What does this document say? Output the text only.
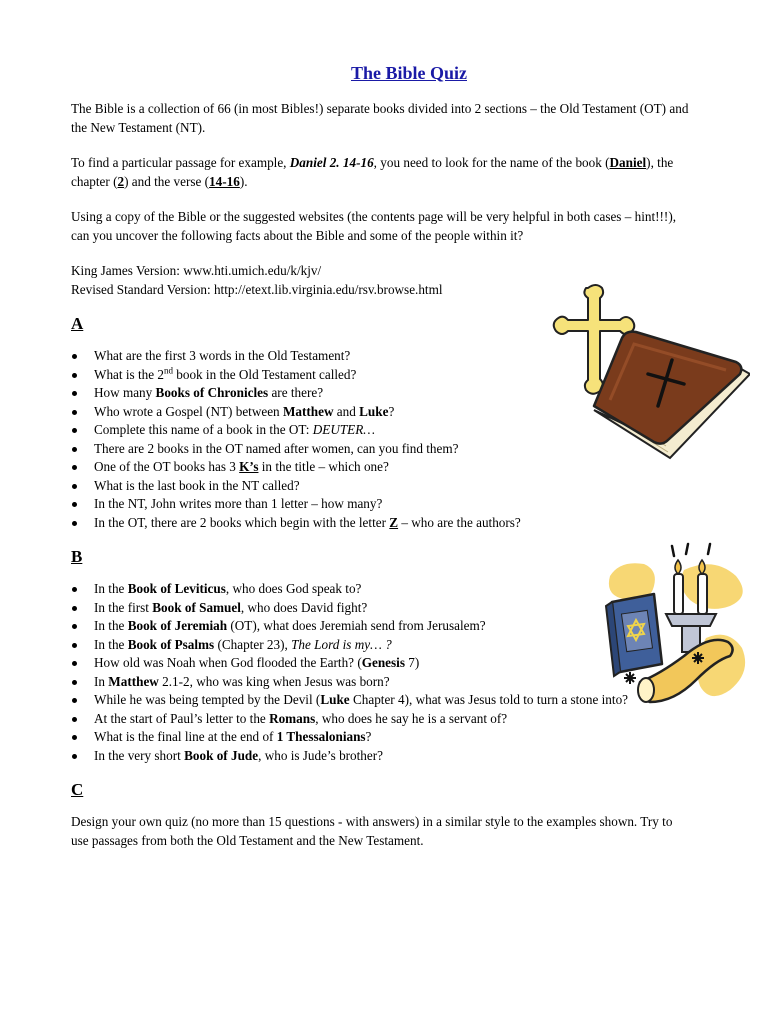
The Bible Quiz

The Bible is a collection of 66 (in most Bibles!) separate books divided into 2 sections – the Old Testament (OT) and the New Testament (NT).

To find a particular passage for example, Daniel 2. 14-16, you need to look for the name of the book (Daniel), the chapter (2) and the verse (14-16).

Using a copy of the Bible or the suggested websites (the contents page will be very helpful in both cases – hint!!!), can you uncover the following facts about the Bible and some of the people within it?

King James Version: www.hti.umich.edu/k/kjv/
Revised Standard Version: http://etext.lib.virginia.edu/rsv.browse.html
A
What are the first 3 words in the Old Testament?
What is the 2nd book in the Old Testament called?
How many Books of Chronicles are there?
Who wrote a Gospel (NT) between Matthew and Luke?
Complete this name of a book in the OT: DEUTER…
There are 2 books in the OT named after women, can you find them?
One of the OT books has 3 K’s in the title – which one?
What is the last book in the NT called?
In the NT, John writes more than 1 letter – how many?
In the OT, there are 2 books which begin with the letter Z – who are the authors?
B
In the Book of Leviticus, who does God speak to?
In the first Book of Samuel, who does David fight?
In the Book of Jeremiah (OT), what does Jeremiah send from Jerusalem?
In the Book of Psalms (Chapter 23), The Lord is my… ?
How old was Noah when God flooded the Earth? (Genesis 7)
In Matthew 2.1-2, who was king when Jesus was born?
While he was being tempted by the Devil (Luke Chapter 4), what was Jesus told to turn a stone into?
At the start of Paul’s letter to the Romans, who does he say he is a servant of?
What is the final line at the end of 1 Thessalonians?
In the very short Book of Jude, who is Jude’s brother?
C

Design your own quiz (no more than 15 questions - with answers) in a similar style to the examples shown. Try to use passages from both the Old Testament and the New Testament.
